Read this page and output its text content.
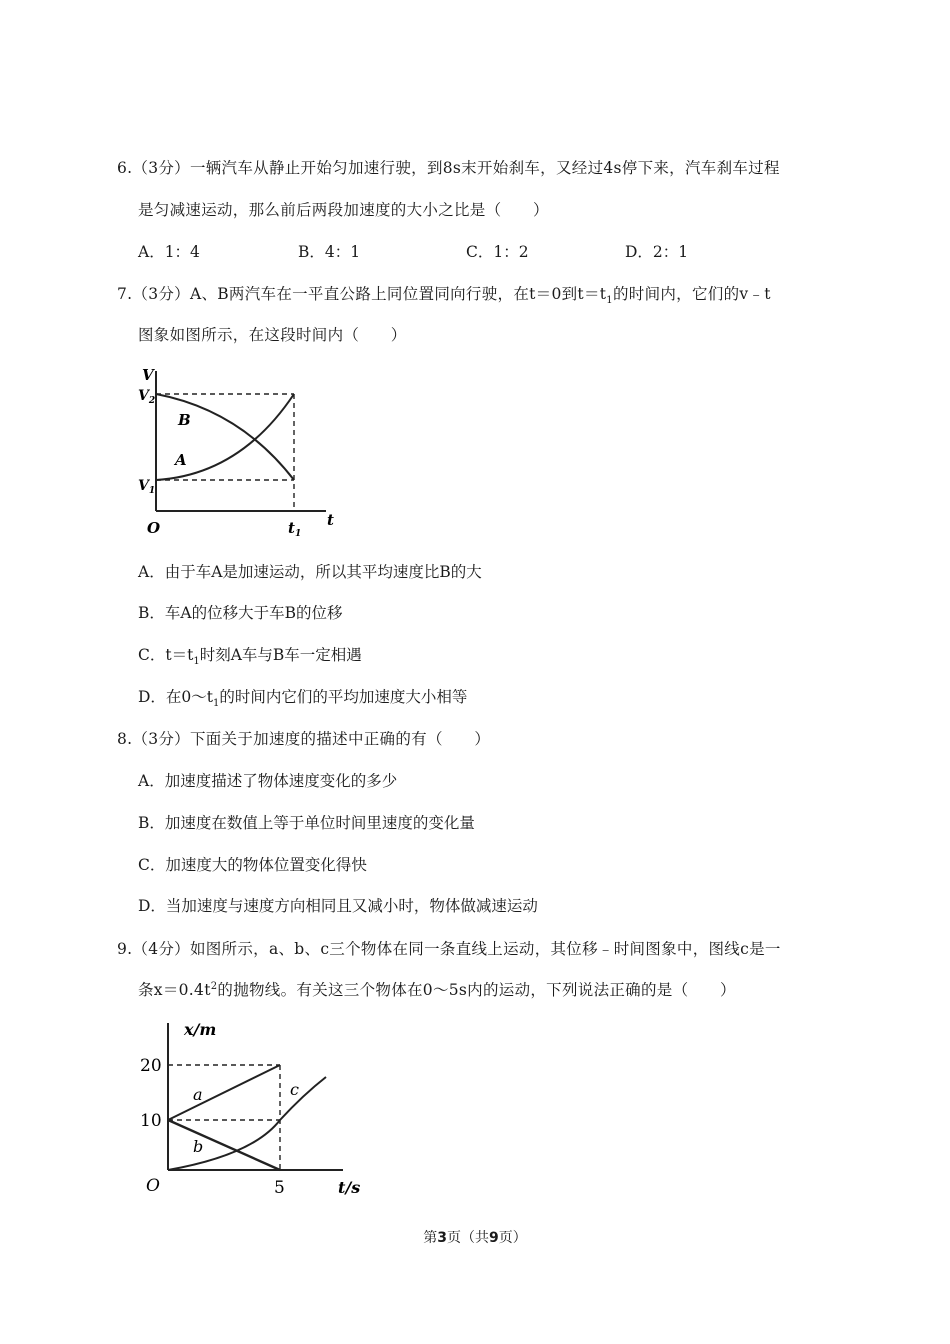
6.（3分）一辆汽车从静止开始匀加速行驶，到8s末开始刹车，又经过4s停下来，汽车刹车过程
是匀减速运动，那么前后两段加速度的大小之比是（　　）
A．1：4	B．4：1	C．1：2	D．2：1
7.（3分）A、B两汽车在一平直公路上同位置同向行驶，在t＝0到$t=t_1$的时间内，它们的v﹣t
图象如图所示，在这段时间内（　　）
V
$V_2$
$V_1$
B
A
O	$t_1$
t
A．由于车A是加速运动，所以其平均速度比B的大
B．车A的位移大于车B的位移
C．$t=t_1$时刻A车与B车一定相遇
D．在$0\sim t_1$的时间内它们的平均加速度大小相等
8.（3分）下面关于加速度的描述中正确的有（　　）
A．加速度描述了物体速度变化的多少
B．加速度在数值上等于单位时间里速度的变化量
C．加速度大的物体位置变化得快
D．当加速度与速度方向相同且又减小时，物体做减速运动
9.（4分）如图所示，a、b、c三个物体在同一条直线上运动，其位移﹣时间图象中，图线c是一
条$x=0.4t^2$的抛物线。有关这三个物体在0～5s内的运动，下列说法正确的是（　　）
x/m
20
10
a
b
c
O	5	t/s
第3页（共9页）
